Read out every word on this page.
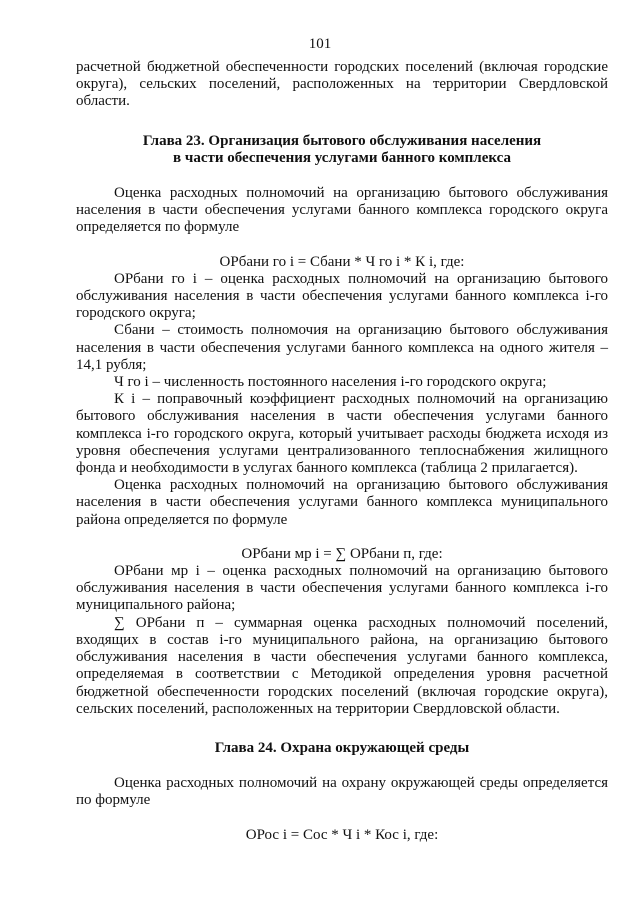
101

расчетной бюджетной обеспеченности городских поселений (включая городские округа), сельских поселений, расположенных на территории Свердловской области.

Глава 23. Организация бытового обслуживания населения
в части обеспечения услугами банного комплекса

Оценка расходных полномочий на организацию бытового обслуживания населения в части обеспечения услугами банного комплекса городского округа определяется по формуле

ОРбани го i = Сбани * Ч го i * К i, где:

ОРбани го i – оценка расходных полномочий на организацию бытового обслуживания населения в части обеспечения услугами банного комплекса i-го городского округа;

Сбани – стоимость полномочия на организацию бытового обслуживания населения в части обеспечения услугами банного комплекса на одного жителя – 14,1 рубля;

Ч го i – численность постоянного населения i-го городского округа;

К i – поправочный коэффициент расходных полномочий на организацию бытового обслуживания населения в части обеспечения услугами банного комплекса i-го городского округа, который учитывает расходы бюджета исходя из уровня обеспечения услугами централизованного теплоснабжения жилищного фонда и необходимости в услугах банного комплекса (таблица 2 прилагается).

Оценка расходных полномочий на организацию бытового обслуживания населения в части обеспечения услугами банного комплекса муниципального района определяется по формуле

ОРбани мр i = ∑ ОРбани п, где:

ОРбани мр i – оценка расходных полномочий на организацию бытового обслуживания населения в части обеспечения услугами банного комплекса i-го муниципального района;

∑ ОРбани п – суммарная оценка расходных полномочий поселений, входящих в состав i-го муниципального района, на организацию бытового обслуживания населения в части обеспечения услугами банного комплекса, определяемая в соответствии с Методикой определения уровня расчетной бюджетной обеспеченности городских поселений (включая городские округа), сельских поселений, расположенных на территории Свердловской области.

Глава 24. Охрана окружающей среды

Оценка расходных полномочий на охрану окружающей среды определяется по формуле

ОРос i = Сос * Ч i * Кос i, где:
